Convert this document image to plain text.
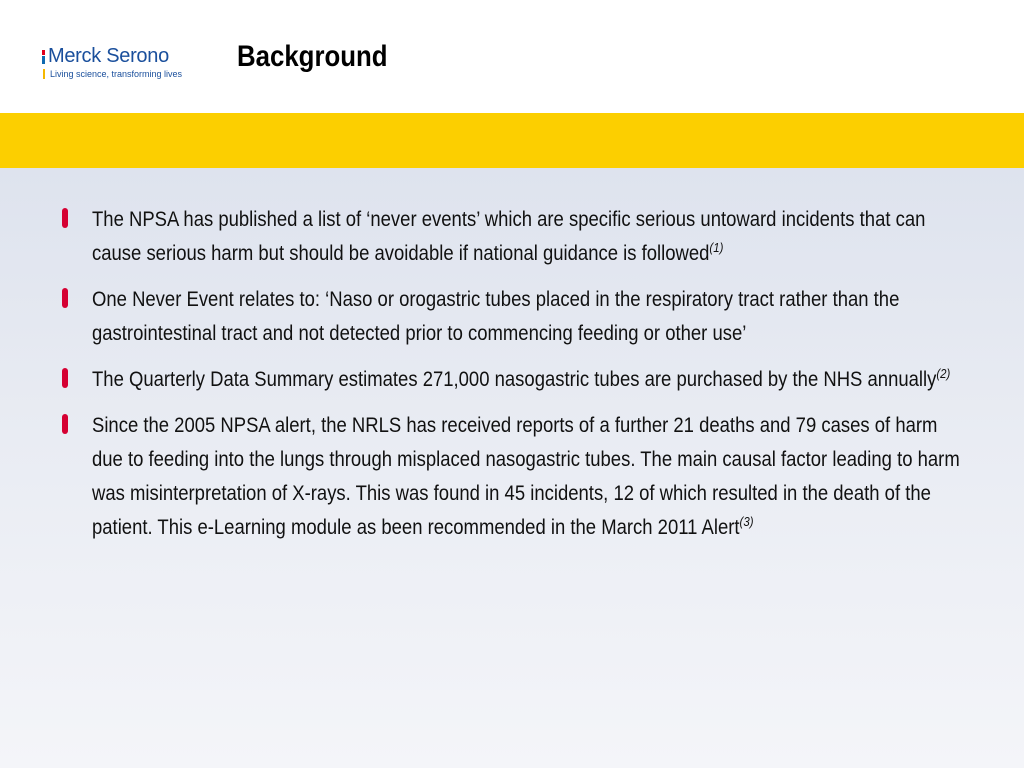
Merck Serono
Living science, transforming lives
Background
The NPSA has published a list of ‘never events’ which are specific serious untoward incidents that can cause serious harm but should be avoidable if national guidance is followed$^{(1)}$
One Never Event relates to: ‘Naso or orogastric tubes placed in the respiratory tract rather than the gastrointestinal tract and not detected prior to commencing feeding or other use’
The Quarterly Data Summary estimates 271,000 nasogastric tubes are purchased by the NHS annually$^{(2)}$
Since the 2005 NPSA alert, the NRLS has received reports of a further 21 deaths and 79 cases of harm due to feeding into the lungs through misplaced nasogastric tubes. The main causal factor leading to harm was misinterpretation of X-rays. This was found in 45 incidents, 12 of which resulted in the death of the patient. This e-Learning module as been recommended in the March 2011 Alert$^{(3)}$
